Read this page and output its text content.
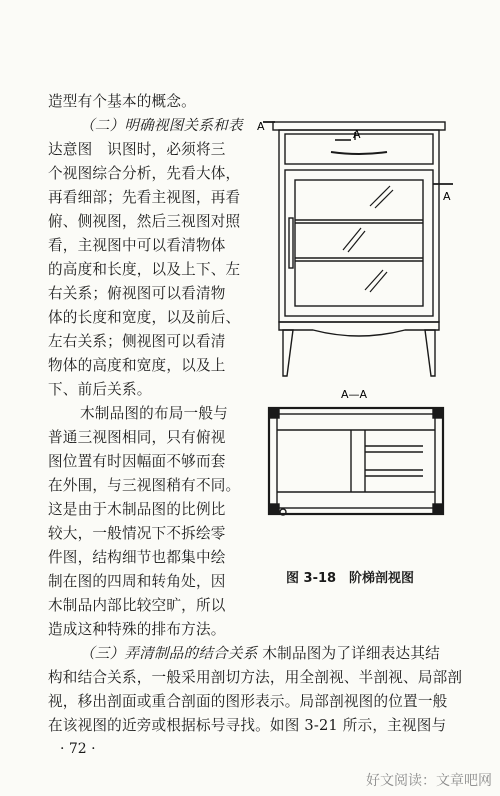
造型有个基本的概念。
（二）明确视图关系和表
达意图　识图时，必须将三
个视图综合分析，先看大体，
再看细部；先看主视图，再看
俯、侧视图，然后三视图对照
看，主视图中可以看清物体
的高度和长度，以及上下、左
右关系；俯视图可以看清物
体的长度和宽度，以及前后、
左右关系；侧视图可以看清
物体的高度和宽度，以及上
下、前后关系。
木制品图的布局一般与
普通三视图相同，只有俯视
图位置有时因幅面不够而套
在外围，与三视图稍有不同。
这是由于木制品图的比例比
较大，一般情况下不拆绘零
件图，结构细节也都集中绘
制在图的四周和转角处，因
木制品内部比较空旷，所以
造成这种特殊的排布方法。
（三）弄清制品的结合关系 木制品图为了详细表达其结
构和结合关系，一般采用剖切方法，用全剖视、半剖视、局部剖
视，移出剖面或重合剖面的图形表示。局部剖视图的位置一般
在该视图的近旁或根据标号寻找。如图 3-21 所示，主视图与
· 72 ·
A
A
A
A—A
图 3-18　阶梯剖视图
好文阅读：文章吧网
